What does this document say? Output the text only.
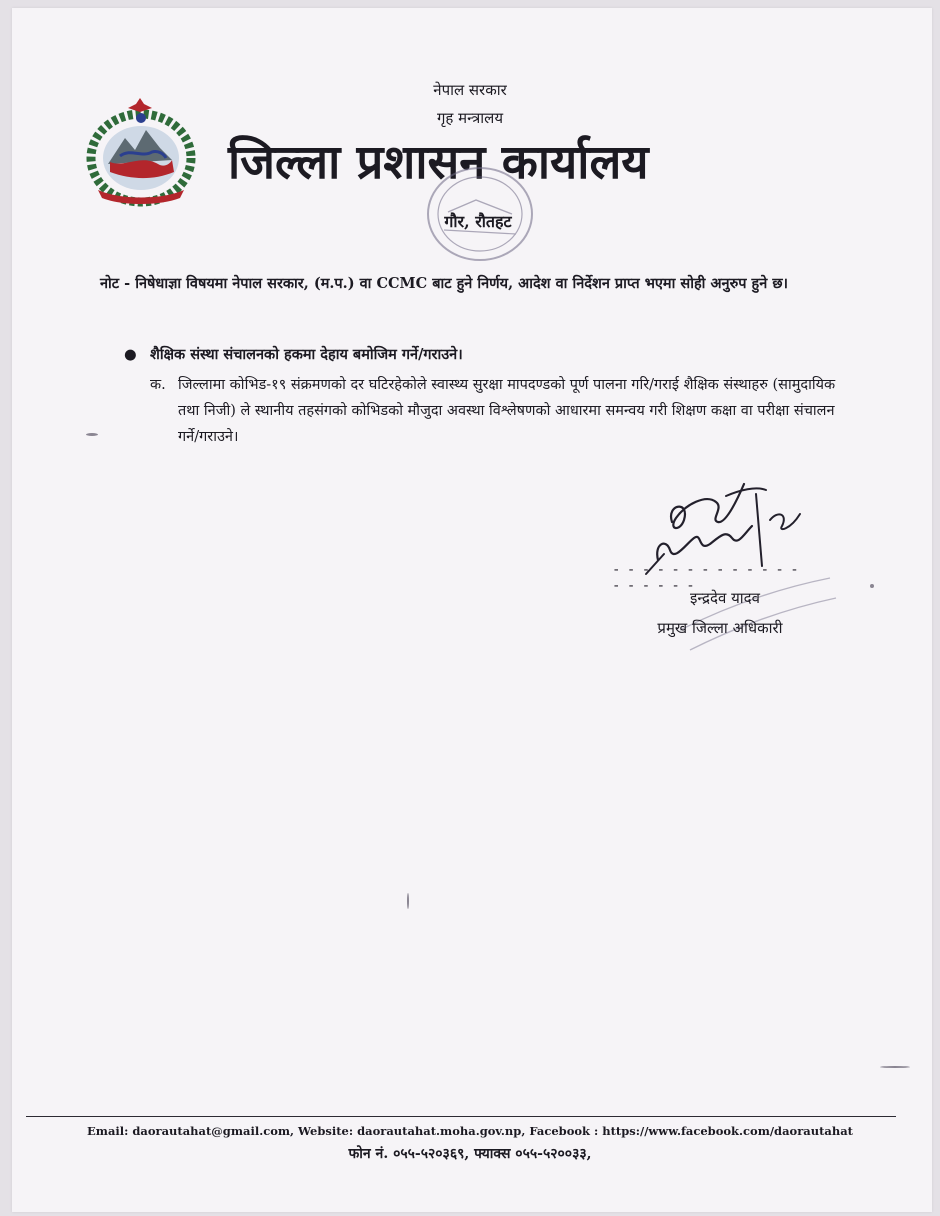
नेपाल सरकार
गृह मन्त्रालय
जिल्ला प्रशासन कार्यालय
गौर, रौतहट
नोट - निषेधाज्ञा विषयमा नेपाल सरकार, (म.प.) वा CCMC बाट हुने निर्णय, आदेश वा निर्देशन प्राप्त भएमा सोही अनुरुप हुने छ।
● शैक्षिक संस्था संचालनको हकमा देहाय बमोजिम गर्ने/गराउने।
क. जिल्लामा कोभिड-१९ संक्रमणको दर घटिरहेकोले स्वास्थ्य सुरक्षा मापदण्डको पूर्ण पालना गरि/गराई शैक्षिक संस्थाहरु (सामुदायिक तथा निजी) ले स्थानीय तहसंगको कोभिडको मौजुदा अवस्था विश्लेषणको आधारमा समन्वय गरी शिक्षण कक्षा वा परीक्षा संचालन गर्ने/गराउने।
- - - - - - - - - - - - - - - - - - -
इन्द्रदेव यादव
प्रमुख जिल्ला अधिकारी
Email: daorautahat@gmail.com, Website: daorautahat.moha.gov.np, Facebook : https://www.facebook.com/daorautahat
फोन नं. ०५५-५२०३६९, फ्याक्स ०५५-५२००३३,
